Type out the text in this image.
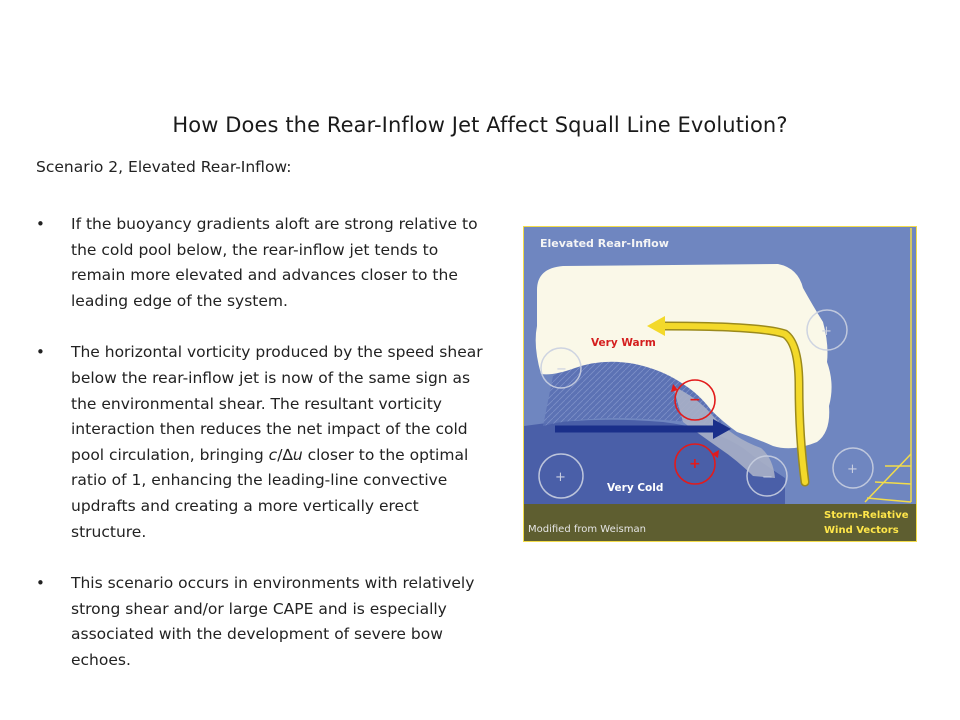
How Does the Rear-Inflow Jet Affect Squall Line Evolution?
Scenario 2, Elevated Rear-Inflow:
• If the buoyancy gradients aloft are strong relative to the cold pool below, the rear-inflow jet tends to remain more elevated and advances closer to the leading edge of the system.
• The horizontal vorticity produced by the speed shear below the rear-inflow jet is now of the same sign as the environmental shear. The resultant vorticity interaction then reduces the net impact of the cold pool circulation, bringing c/∆u closer to the optimal ratio of 1, enhancing the leading-line convective updrafts and creating a more vertically erect structure.
• This scenario occurs in environments with relatively strong shear and/or large CAPE and is especially associated with the development of severe bow echoes.
Elevated Rear-Inflow
Very Warm
Very Cold
−
+
−
+
+	−
+
Modified from Weisman
Storm-Relative
Wind Vectors
